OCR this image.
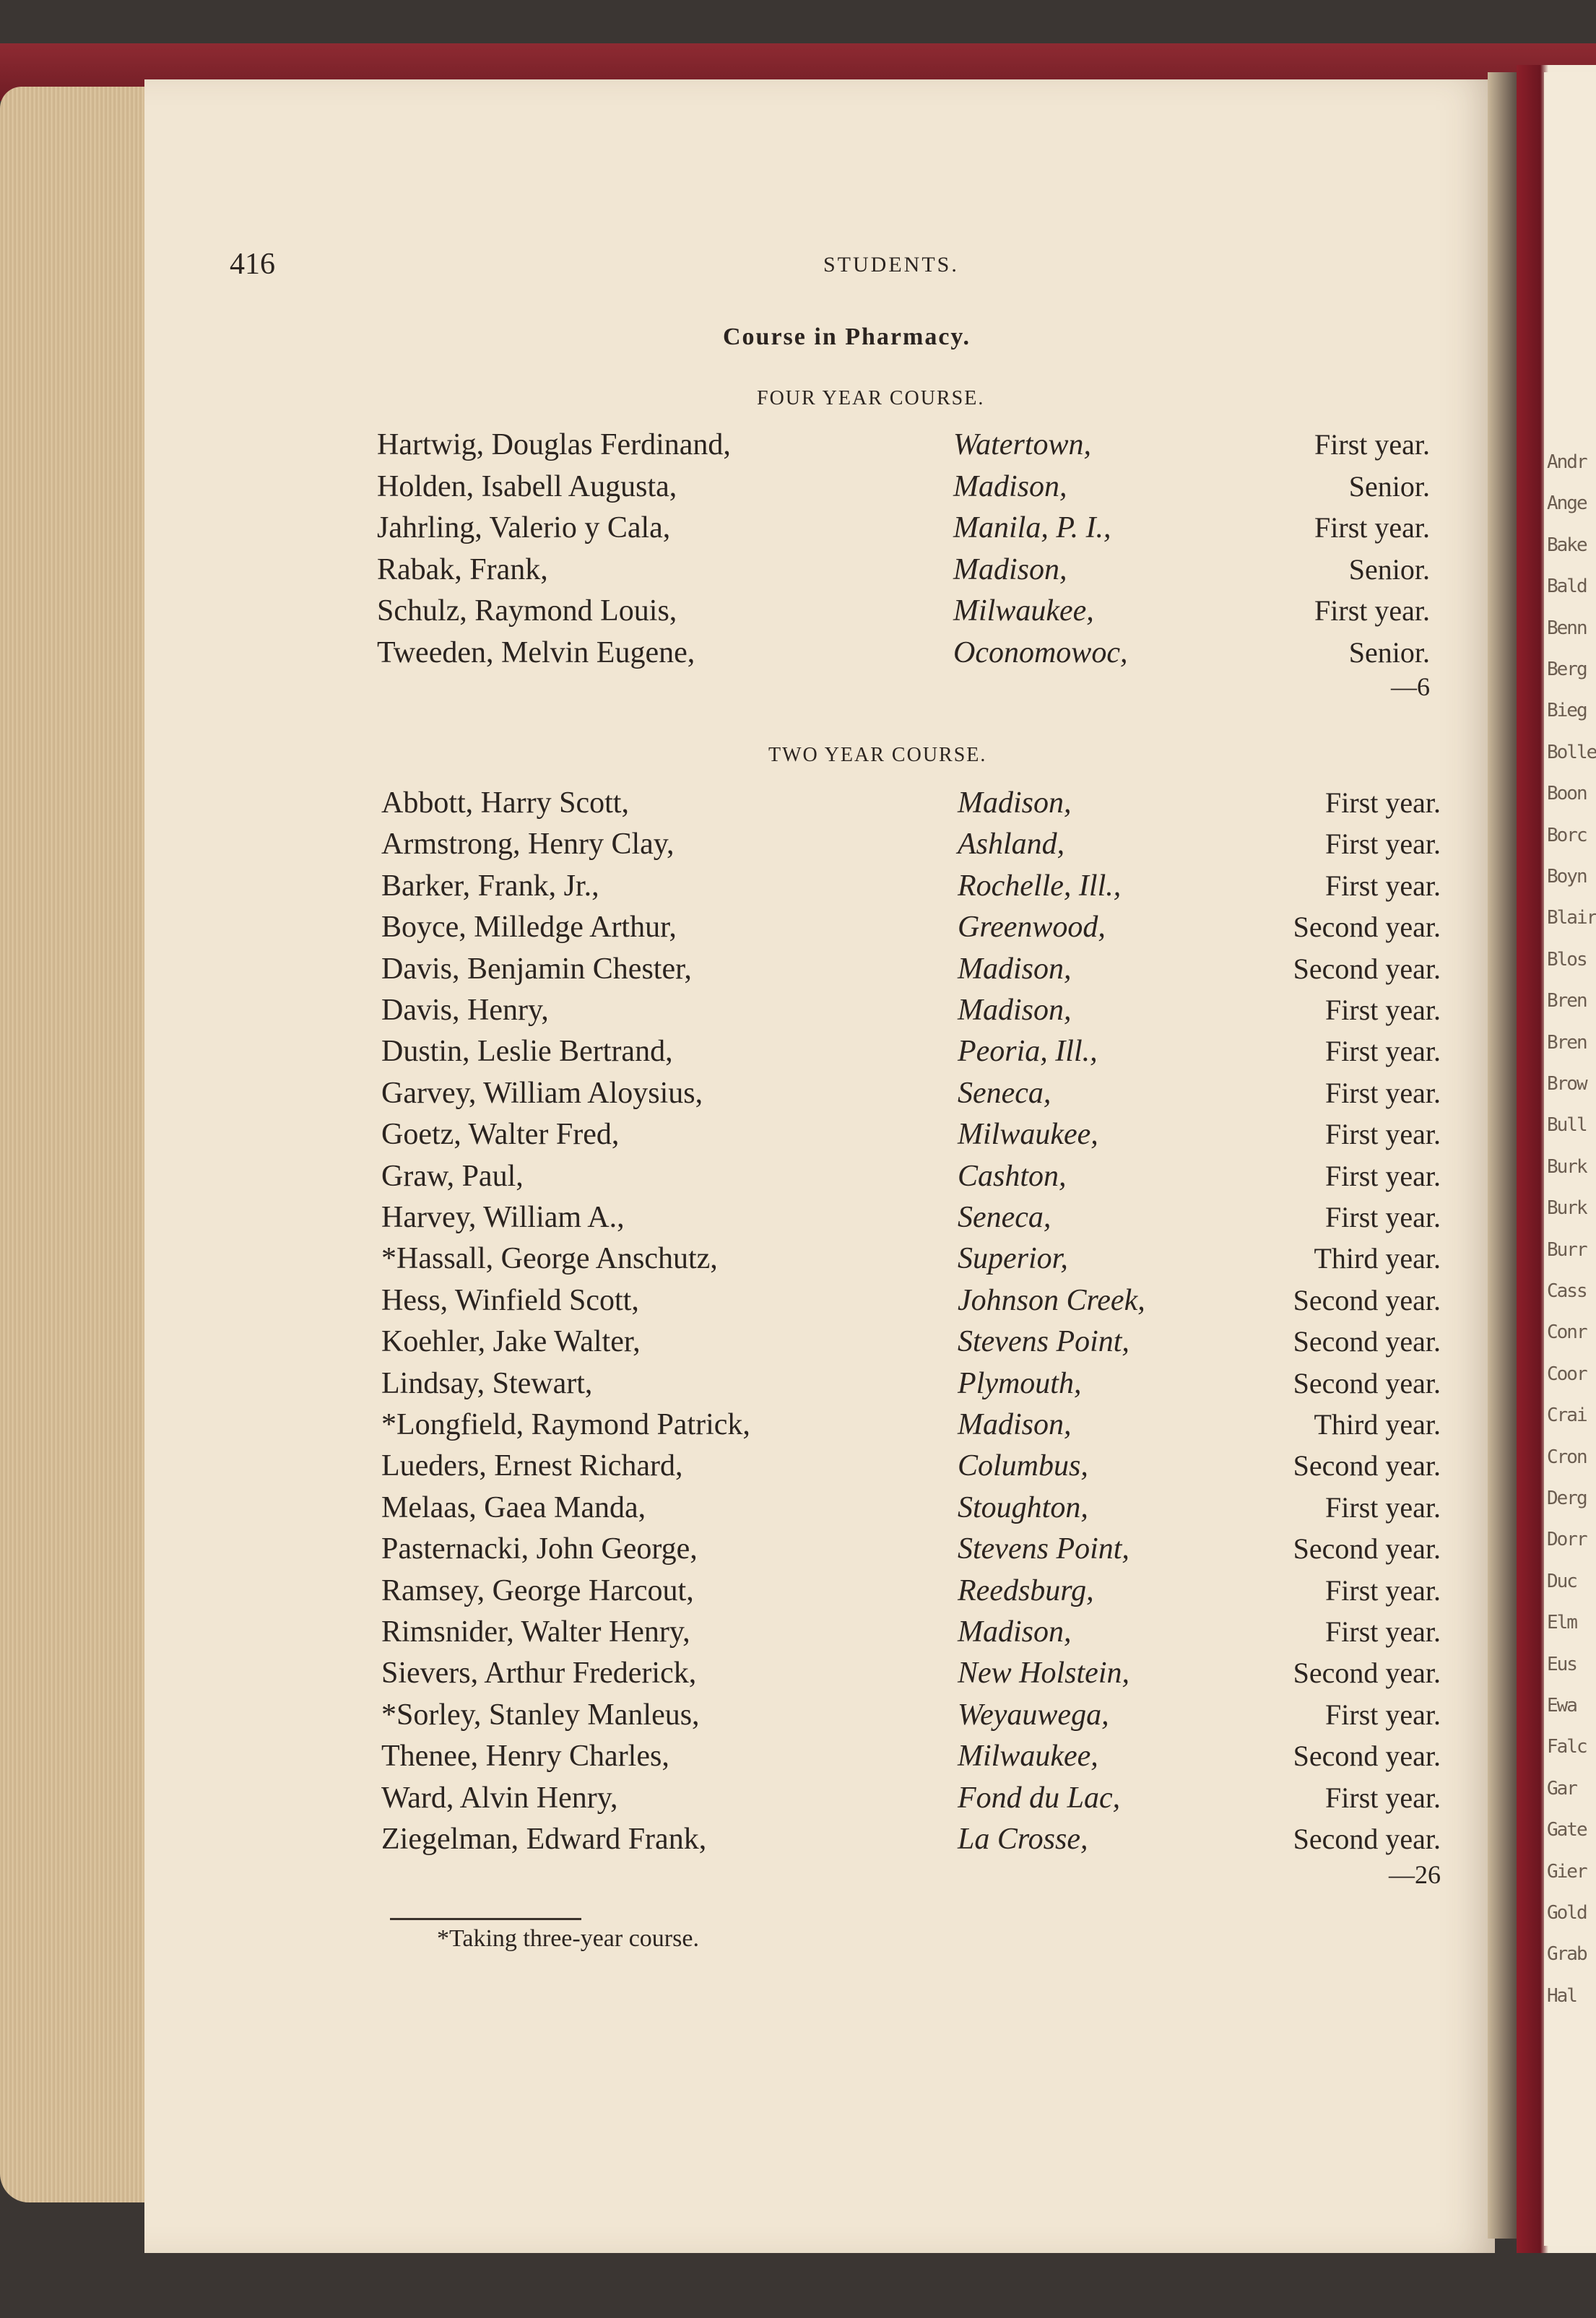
Andr
Ange
Bake
Bald
Benn
Berg
Bieg
Bolle
Boon
Borc
Boyn
Blair
Blos
Bren
Bren
Brow
Bull
Burk
Burk
Burr
Cass
Conr
Coor
Crai
Cron
Derg
Dorr
Duc
Elm
Eus
Ewa
Falc
Gar
Gate
Gier
Gold
Grab
Hal
416	STUDENTS.
Course in Pharmacy.
FOUR YEAR COURSE.
Hartwig, Douglas Ferdinand,	Watertown,	First year.
Holden, Isabell Augusta,	Madison,	Senior.
Jahrling, Valerio y Cala,	Manila, P. I.,	First year.
Rabak, Frank,	Madison,	Senior.
Schulz, Raymond Louis,	Milwaukee,	First year.
Tweeden, Melvin Eugene,	Oconomowoc,	Senior.
—6
TWO YEAR COURSE.
Abbott, Harry Scott,	Madison,	First year.
Armstrong, Henry Clay,	Ashland,	First year.
Barker, Frank, Jr.,	Rochelle, Ill.,	First year.
Boyce, Milledge Arthur,	Greenwood,	Second year.
Davis, Benjamin Chester,	Madison,	Second year.
Davis, Henry,	Madison,	First year.
Dustin, Leslie Bertrand,	Peoria, Ill.,	First year.
Garvey, William Aloysius,	Seneca,	First year.
Goetz, Walter Fred,	Milwaukee,	First year.
Graw, Paul,	Cashton,	First year.
Harvey, William A.,	Seneca,	First year.
*Hassall, George Anschutz,	Superior,	Third year.
Hess, Winfield Scott,	Johnson Creek,	Second year.
Koehler, Jake Walter,	Stevens Point,	Second year.
Lindsay, Stewart,	Plymouth,	Second year.
*Longfield, Raymond Patrick,	Madison,	Third year.
Lueders, Ernest Richard,	Columbus,	Second year.
Melaas, Gaea Manda,	Stoughton,	First year.
Pasternacki, John George,	Stevens Point,	Second year.
Ramsey, George Harcout,	Reedsburg,	First year.
Rimsnider, Walter Henry,	Madison,	First year.
Sievers, Arthur Frederick,	New Holstein,	Second year.
*Sorley, Stanley Manleus,	Weyauwega,	First year.
Thenee, Henry Charles,	Milwaukee,	Second year.
Ward, Alvin Henry,	Fond du Lac,	First year.
Ziegelman, Edward Frank,	La Crosse,	Second year.
—26
*Taking three-year course.
